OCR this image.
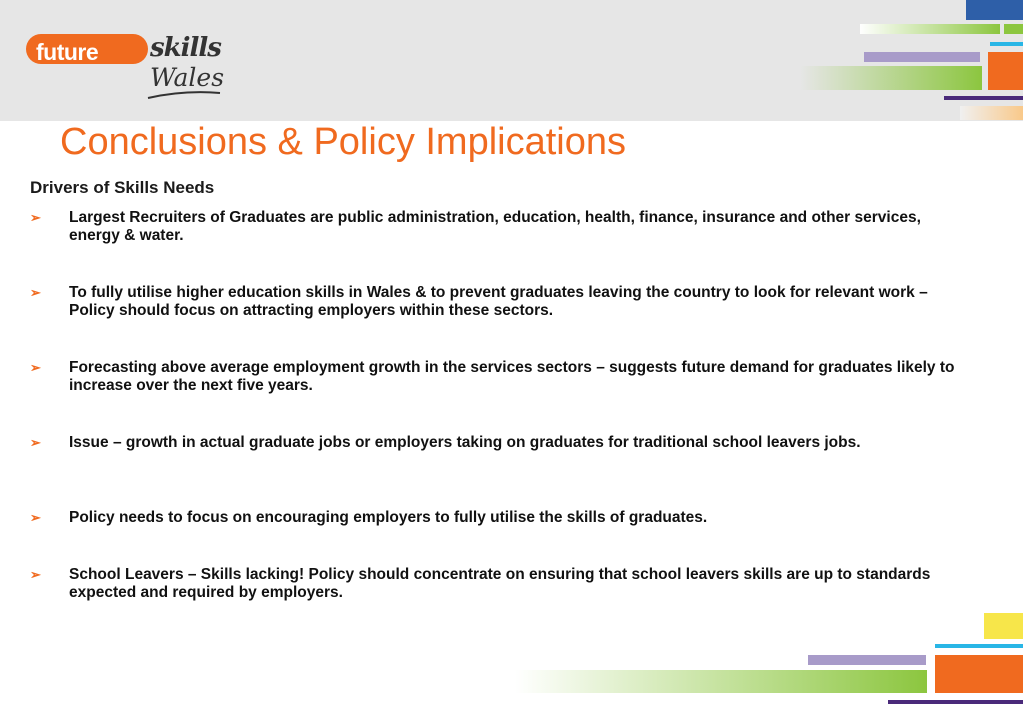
future skills
Wales
Conclusions & Policy Implications
Drivers of Skills Needs
➢ Largest Recruiters of Graduates are public administration, education, health, finance, insurance and other services, energy & water.
➢ To fully utilise higher education skills in Wales & to prevent graduates leaving the country to look for relevant work – Policy should focus on attracting employers within these sectors.
➢ Forecasting above average employment growth in the services sectors – suggests future demand for graduates likely to increase over the next five years.
➢ Issue – growth in actual graduate jobs or employers taking on graduates for traditional school leavers jobs.
➢ Policy needs to focus on encouraging employers to fully utilise the skills of graduates.
➢ School Leavers – Skills lacking! Policy should concentrate on ensuring that school leavers skills are up to standards expected and required by employers.
